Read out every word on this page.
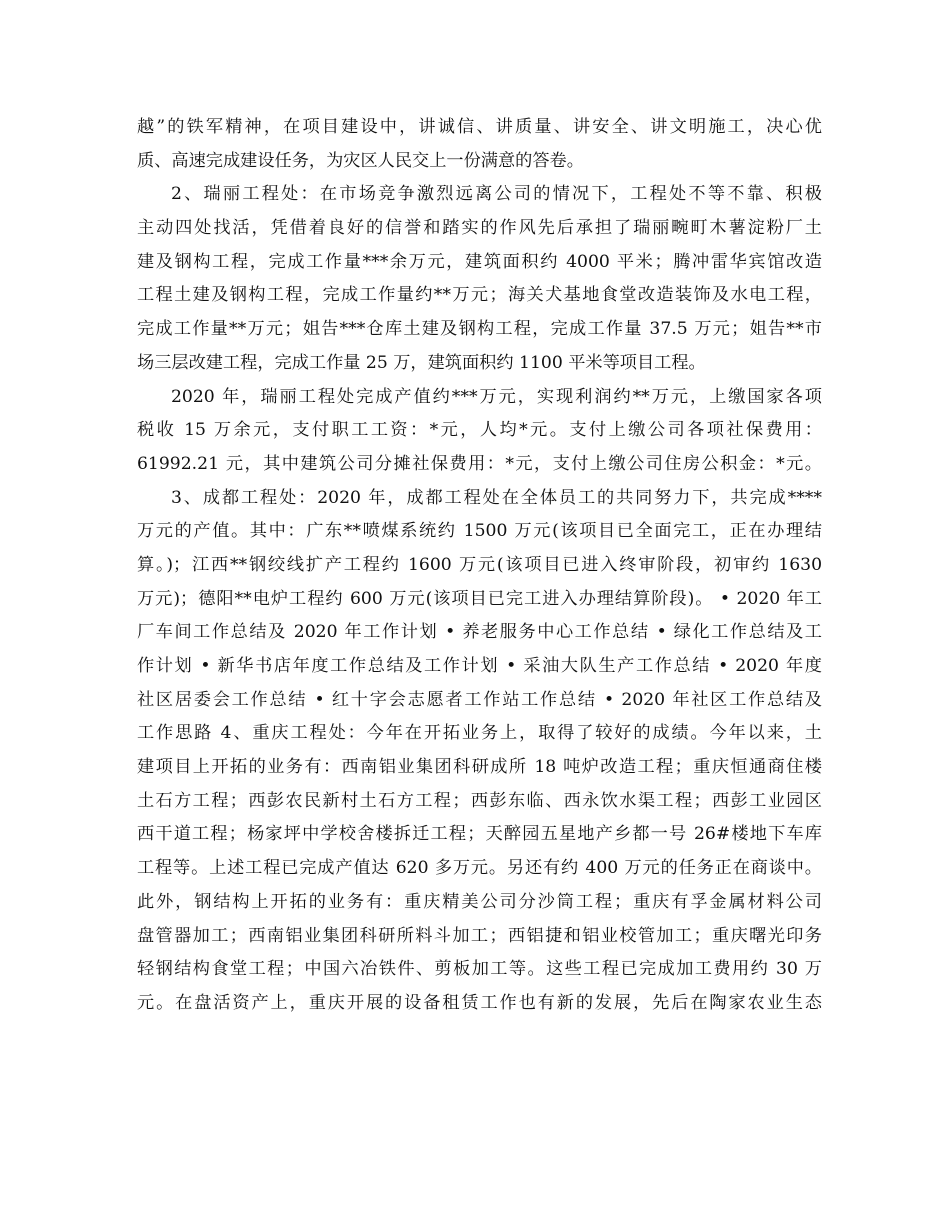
越”的铁军精神，在项目建设中，讲诚信、讲质量、讲安全、讲文明施工，决心优
质、高速完成建设任务，为灾区人民交上一份满意的答卷。
2、瑞丽工程处：在市场竞争激烈远离公司的情况下，工程处不等不靠、积极
主动四处找活，凭借着良好的信誉和踏实的作风先后承担了瑞丽畹町木薯淀粉厂土
建及钢构工程，完成工作量***余万元，建筑面积约 4000 平米；腾冲雷华宾馆改造
工程土建及钢构工程，完成工作量约**万元；海关犬基地食堂改造装饰及水电工程，
完成工作量**万元；姐告***仓库土建及钢构工程，完成工作量 37.5 万元；姐告**市
场三层改建工程，完成工作量 25 万，建筑面积约 1100 平米等项目工程。
2020 年，瑞丽工程处完成产值约***万元，实现利润约**万元，上缴国家各项
税收 15 万余元，支付职工工资：*元，人均*元。支付上缴公司各项社保费用：
61992.21 元，其中建筑公司分摊社保费用：*元，支付上缴公司住房公积金：*元。
3、成都工程处：2020 年，成都工程处在全体员工的共同努力下，共完成****
万元的产值。其中：广东**喷煤系统约 1500 万元(该项目已全面完工，正在办理结
算。)；江西**钢绞线扩产工程约 1600 万元(该项目已进入终审阶段，初审约 1630
万元)；德阳**电炉工程约 600 万元(该项目已完工进入办理结算阶段)。 • 2020 年工
厂车间工作总结及 2020 年工作计划 • 养老服务中心工作总结 • 绿化工作总结及工
作计划 • 新华书店年度工作总结及工作计划 • 采油大队生产工作总结 • 2020 年度
社区居委会工作总结 • 红十字会志愿者工作站工作总结 • 2020 年社区工作总结及
工作思路 4、重庆工程处：今年在开拓业务上，取得了较好的成绩。今年以来，土
建项目上开拓的业务有：西南铝业集团科研成所 18 吨炉改造工程；重庆恒通商住楼
土石方工程；西彭农民新村土石方工程；西彭东临、西永饮水渠工程；西彭工业园区
西干道工程；杨家坪中学校舍楼拆迁工程；天醉园五星地产乡都一号 26#楼地下车库
工程等。上述工程已完成产值达 620 多万元。另还有约 400 万元的任务正在商谈中。
此外，钢结构上开拓的业务有：重庆精美公司分沙筒工程；重庆有孚金属材料公司
盘管器加工；西南铝业集团科研所料斗加工；西铝捷和铝业校管加工；重庆曙光印务
轻钢结构食堂工程；中国六冶铁件、剪板加工等。这些工程已完成加工费用约 30 万
元。在盘活资产上，重庆开展的设备租赁工作也有新的发展，先后在陶家农业生态
